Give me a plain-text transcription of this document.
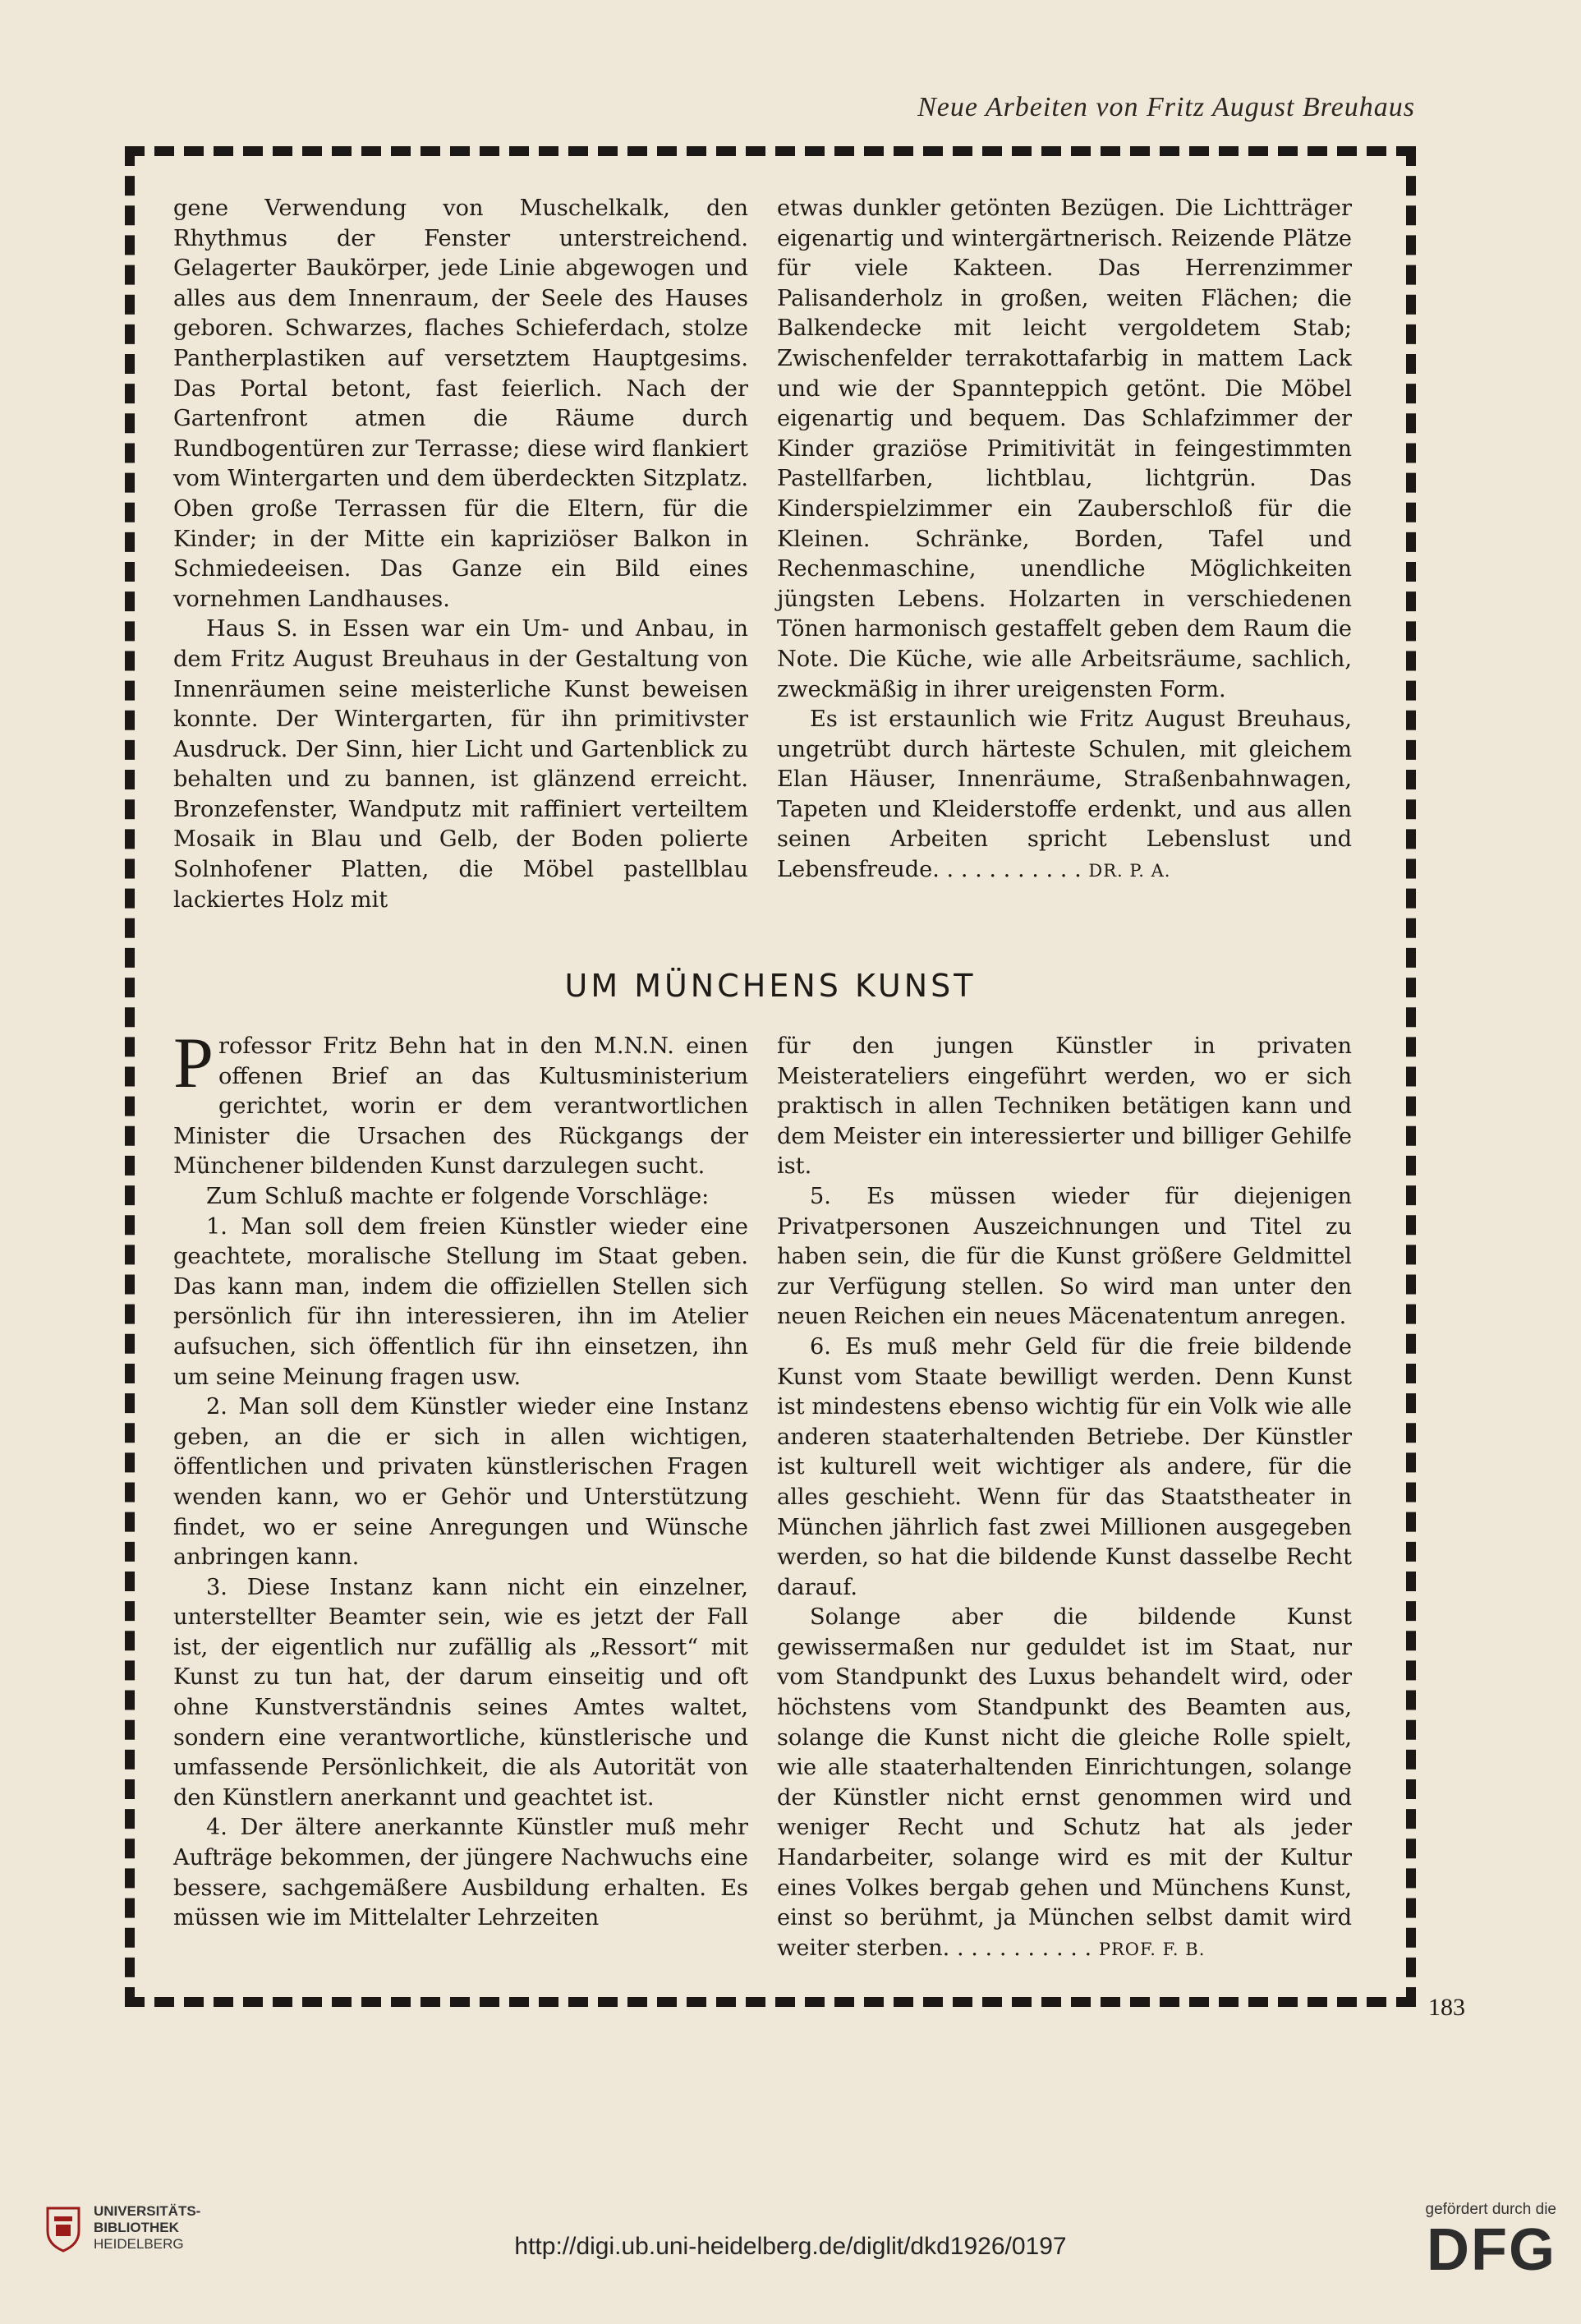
Neue Arbeiten von Fritz August Breuhaus

gene Verwendung von Muschelkalk, den Rhythmus der Fenster unterstreichend. Gelagerter Baukörper, jede Linie abgewogen und alles aus dem Innenraum, der Seele des Hauses geboren. Schwarzes, flaches Schieferdach, stolze Pantherplastiken auf versetztem Hauptgesims. Das Portal betont, fast feierlich. Nach der Gartenfront atmen die Räume durch Rundbogentüren zur Terrasse; diese wird flankiert vom Wintergarten und dem überdeckten Sitzplatz. Oben große Terrassen für die Eltern, für die Kinder; in der Mitte ein kapriziöser Balkon in Schmiedeeisen. Das Ganze ein Bild eines vornehmen Landhauses.

Haus S. in Essen war ein Um- und Anbau, in dem Fritz August Breuhaus in der Gestaltung von Innenräumen seine meisterliche Kunst beweisen konnte. Der Wintergarten, für ihn primitivster Ausdruck. Der Sinn, hier Licht und Gartenblick zu behalten und zu bannen, ist glänzend erreicht. Bronzefenster, Wandputz mit raffiniert verteiltem Mosaik in Blau und Gelb, der Boden polierte Solnhofener Platten, die Möbel pastellblau lackiertes Holz mit

etwas dunkler getönten Bezügen. Die Lichtträger eigenartig und wintergärtnerisch. Reizende Plätze für viele Kakteen. Das Herrenzimmer Palisanderholz in großen, weiten Flächen; die Balkendecke mit leicht vergoldetem Stab; Zwischenfelder terrakottafarbig in mattem Lack und wie der Spannteppich getönt. Die Möbel eigenartig und bequem. Das Schlafzimmer der Kinder graziöse Primitivität in feingestimmten Pastellfarben, lichtblau, lichtgrün. Das Kinderspielzimmer ein Zauberschloß für die Kleinen. Schränke, Borden, Tafel und Rechenmaschine, unendliche Möglichkeiten jüngsten Lebens. Holzarten in verschiedenen Tönen harmonisch gestaffelt geben dem Raum die Note. Die Küche, wie alle Arbeitsräume, sachlich, zweckmäßig in ihrer ureigensten Form.

Es ist erstaunlich wie Fritz August Breuhaus, ungetrübt durch härteste Schulen, mit gleichem Elan Häuser, Innenräume, Straßenbahnwagen, Tapeten und Kleiderstoffe erdenkt, und aus allen seinen Arbeiten spricht Lebenslust und Lebensfreude. . . . . . . . . . . DR. P. A.

UM MÜNCHENS KUNST

Professor Fritz Behn hat in den M.N.N. einen offenen Brief an das Kultusministerium gerichtet, worin er dem verantwortlichen Minister die Ursachen des Rückgangs der Münchener bildenden Kunst darzulegen sucht.

Zum Schluß machte er folgende Vorschläge:

1. Man soll dem freien Künstler wieder eine geachtete, moralische Stellung im Staat geben. Das kann man, indem die offiziellen Stellen sich persönlich für ihn interessieren, ihn im Atelier aufsuchen, sich öffentlich für ihn einsetzen, ihn um seine Meinung fragen usw.

2. Man soll dem Künstler wieder eine Instanz geben, an die er sich in allen wichtigen, öffentlichen und privaten künstlerischen Fragen wenden kann, wo er Gehör und Unterstützung findet, wo er seine Anregungen und Wünsche anbringen kann.

3. Diese Instanz kann nicht ein einzelner, unterstellter Beamter sein, wie es jetzt der Fall ist, der eigentlich nur zufällig als „Ressort“ mit Kunst zu tun hat, der darum einseitig und oft ohne Kunstverständnis seines Amtes waltet, sondern eine verantwortliche, künstlerische und umfassende Persönlichkeit, die als Autorität von den Künstlern anerkannt und geachtet ist.

4. Der ältere anerkannte Künstler muß mehr Aufträge bekommen, der jüngere Nachwuchs eine bessere, sachgemäßere Ausbildung erhalten. Es müssen wie im Mittelalter Lehrzeiten

für den jungen Künstler in privaten Meisterateliers eingeführt werden, wo er sich praktisch in allen Techniken betätigen kann und dem Meister ein interessierter und billiger Gehilfe ist.

5. Es müssen wieder für diejenigen Privatpersonen Auszeichnungen und Titel zu haben sein, die für die Kunst größere Geldmittel zur Verfügung stellen. So wird man unter den neuen Reichen ein neues Mäcenatentum anregen.

6. Es muß mehr Geld für die freie bildende Kunst vom Staate bewilligt werden. Denn Kunst ist mindestens ebenso wichtig für ein Volk wie alle anderen staaterhaltenden Betriebe. Der Künstler ist kulturell weit wichtiger als andere, für die alles geschieht. Wenn für das Staatstheater in München jährlich fast zwei Millionen ausgegeben werden, so hat die bildende Kunst dasselbe Recht darauf.

Solange aber die bildende Kunst gewissermaßen nur geduldet ist im Staat, nur vom Standpunkt des Luxus behandelt wird, oder höchstens vom Standpunkt des Beamten aus, solange die Kunst nicht die gleiche Rolle spielt, wie alle staaterhaltenden Einrichtungen, solange der Künstler nicht ernst genommen wird und weniger Recht und Schutz hat als jeder Handarbeiter, solange wird es mit der Kultur eines Volkes bergab gehen und Münchens Kunst, einst so berühmt, ja München selbst damit wird weiter sterben. . . . . . . . . . . PROF. F. B.

183
UNIVERSITÄTS-
BIBLIOTHEK
HEIDELBERG	http://digi.ub.uni-heidelberg.de/diglit/dkd1926/0197
gefördert durch die
DFG
